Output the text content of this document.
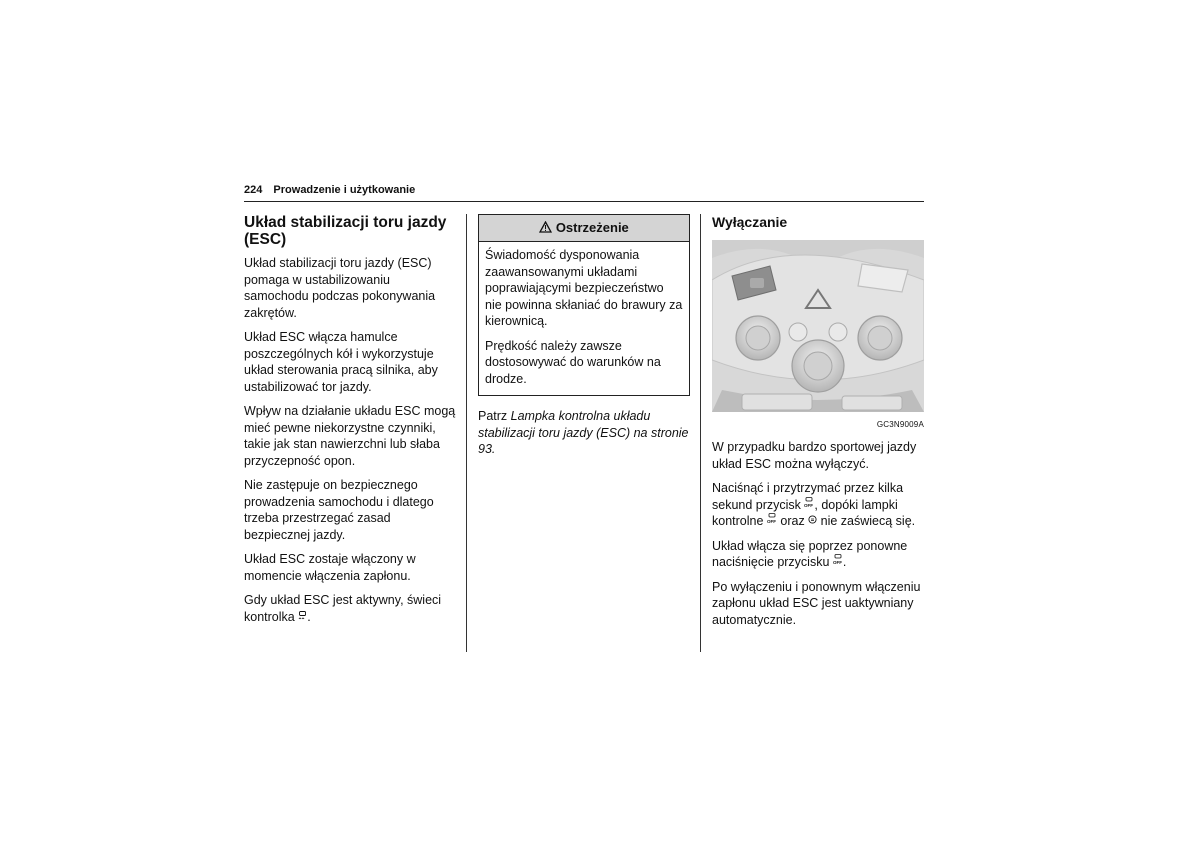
224 Prowadzenie i użytkowanie
Układ stabilizacji toru jazdy (ESC)

Układ stabilizacji toru jazdy (ESC) pomaga w ustabilizowaniu samochodu podczas pokonywania zakrętów.

Układ ESC włącza hamulce poszczególnych kół i wykorzystuje układ sterowania pracą silnika, aby ustabilizować tor jazdy.

Wpływ na działanie układu ESC mogą mieć pewne niekorzystne czynniki, takie jak stan nawierzchni lub słaba przyczepność opon.

Nie zastępuje on bezpiecznego prowadzenia samochodu i dlatego trzeba przestrzegać zasad bezpiecznej jazdy.

Układ ESC zostaje włączony w momencie włączenia zapłonu.

Gdy układ ESC jest aktywny, świeci kontrolka .

Ostrzeżenie

Świadomość dysponowania zaawansowanymi układami poprawiającymi bezpieczeństwo nie powinna skłaniać do brawury za kierownicą.

Prędkość należy zawsze dostosowywać do warunków na drodze.

Patrz Lampka kontrolna układu stabilizacji toru jazdy (ESC) na stronie 93.

Wyłączanie
GC3N9009A

W przypadku bardzo sportowej jazdy układ ESC można wyłączyć.

Naciśnąć i przytrzymać przez kilka sekund przycisk OFF , dopóki lampki kontrolne OFF oraz  nie zaświecą się.

Układ włącza się poprzez ponowne naciśnięcie przycisku OFF .

Po wyłączeniu i ponownym włączeniu zapłonu układ ESC jest uaktywniany automatycznie.
